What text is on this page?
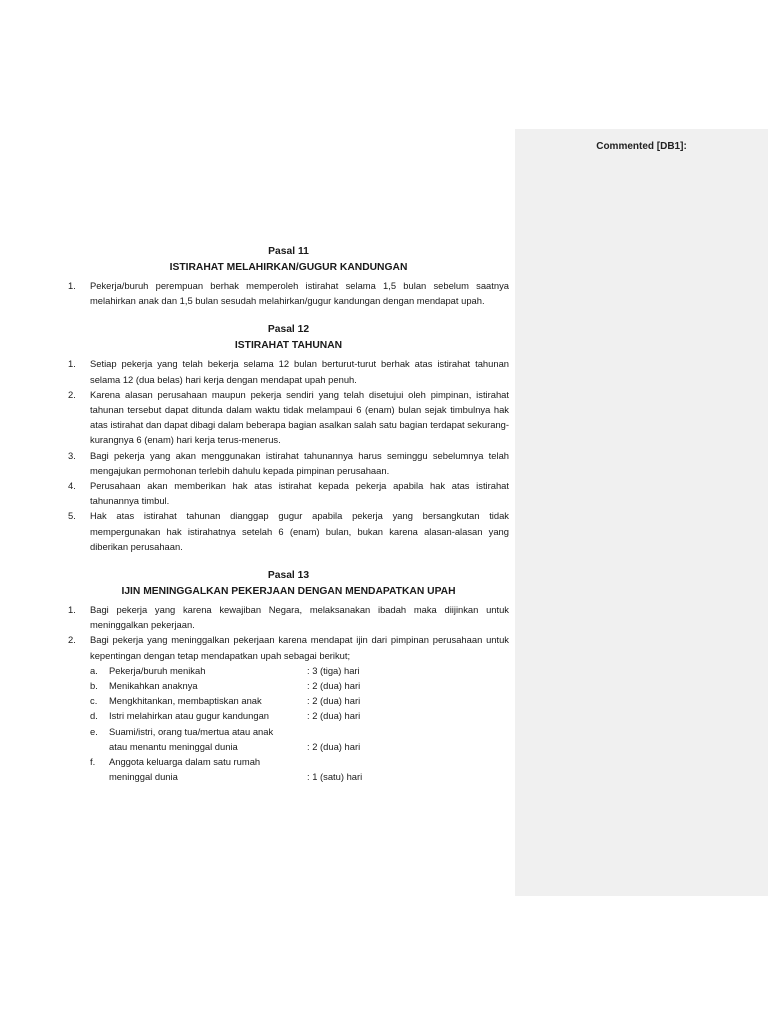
Commented [DB1]:
Pasal 11
ISTIRAHAT MELAHIRKAN/GUGUR KANDUNGAN
1.	Pekerja/buruh perempuan berhak memperoleh istirahat selama 1,5 bulan sebelum saatnya melahirkan anak dan 1,5 bulan sesudah melahirkan/gugur kandungan dengan mendapat upah.
Pasal 12
ISTIRAHAT TAHUNAN
1.	Setiap pekerja yang telah bekerja selama 12 bulan berturut-turut berhak atas istirahat tahunan selama 12 (dua belas) hari kerja dengan mendapat upah penuh.
2.	Karena alasan perusahaan maupun pekerja sendiri yang telah disetujui oleh pimpinan, istirahat tahunan tersebut dapat ditunda dalam waktu tidak melampaui 6 (enam) bulan sejak timbulnya hak atas istirahat dan dapat dibagi dalam beberapa bagian asalkan salah satu bagian terdapat sekurang-kurangnya 6 (enam) hari kerja terus-menerus.
3.	Bagi pekerja yang akan menggunakan istirahat tahunannya harus seminggu sebelumnya telah mengajukan permohonan terlebih dahulu kepada pimpinan perusahaan.
4.	Perusahaan akan memberikan hak atas istirahat kepada pekerja apabila hak atas istirahat tahunannya timbul.
5.	Hak atas istirahat tahunan dianggap gugur apabila pekerja yang bersangkutan tidak mempergunakan hak istirahatnya setelah 6 (enam) bulan, bukan karena alasan-alasan yang diberikan perusahaan.
Pasal 13
IJIN MENINGGALKAN PEKERJAAN DENGAN MENDAPATKAN UPAH
1.	Bagi pekerja yang karena kewajiban Negara, melaksanakan ibadah maka diijinkan untuk meninggalkan pekerjaan.
2.	Bagi pekerja yang meninggalkan pekerjaan karena mendapat ijin dari pimpinan perusahaan untuk kepentingan dengan tetap mendapatkan upah sebagai berikut;
a.	Pekerja/buruh menikah	: 3 (tiga) hari
b.	Menikahkan anaknya	: 2 (dua) hari
c.	Mengkhitankan, membaptiskan anak	: 2 (dua) hari
d.	Istri melahirkan atau gugur kandungan	: 2 (dua) hari
e.	Suami/istri, orang tua/mertua atau anak
atau menantu meninggal dunia	: 2 (dua) hari
f.	Anggota keluarga dalam satu rumah
meninggal dunia	: 1 (satu) hari
